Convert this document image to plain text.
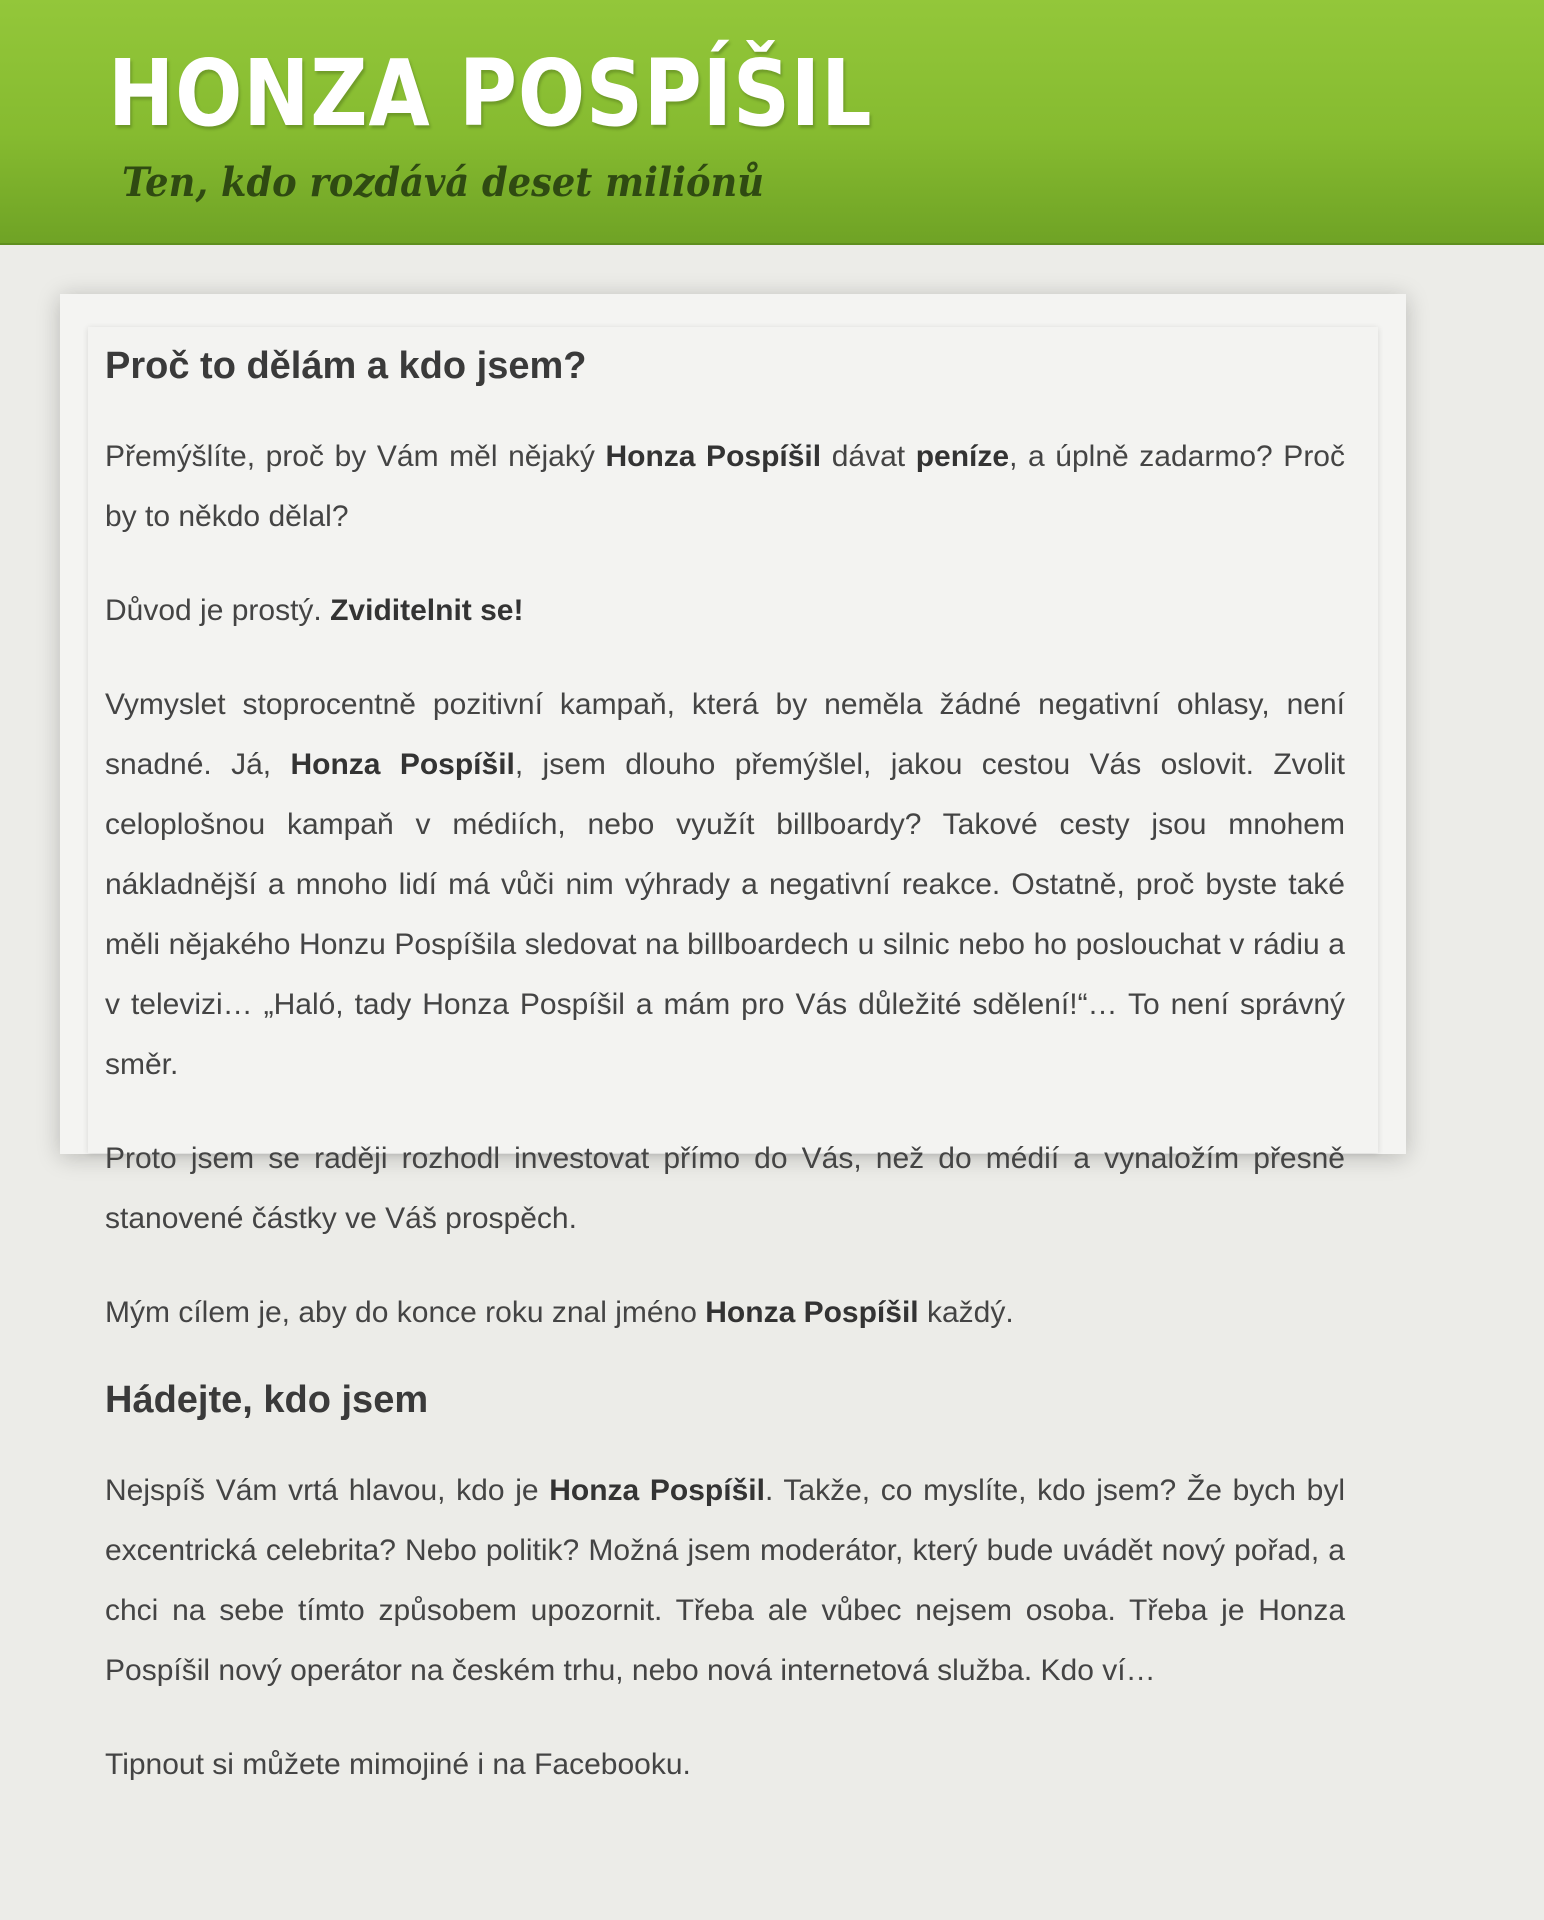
HONZA POSPÍŠIL
Ten, kdo rozdává deset miliónů
Proč to dělám a kdo jsem?

Přemýšlíte, proč by Vám měl nějaký Honza Pospíšil dávat peníze, a úplně zadarmo? Proč by to někdo dělal?

Důvod je prostý. Zviditelnit se!

Vymyslet stoprocentně pozitivní kampaň, která by neměla žádné negativní ohlasy, není snadné. Já, Honza Pospíšil, jsem dlouho přemýšlel, jakou cestou Vás oslovit. Zvolit celoplošnou kampaň v médiích, nebo využít billboardy? Takové cesty jsou mnohem nákladnější a mnoho lidí má vůči nim výhrady a negativní reakce. Ostatně, proč byste také měli nějakého Honzu Pospíšila sledovat na billboardech u silnic nebo ho poslouchat v rádiu a v televizi… „Haló, tady Honza Pospíšil a mám pro Vás důležité sdělení!“… To není správný směr.

Proto jsem se raději rozhodl investovat přímo do Vás, než do médií a vynaložím přesně stanovené částky ve Váš prospěch.

Mým cílem je, aby do konce roku znal jméno Honza Pospíšil každý.

Hádejte, kdo jsem

Nejspíš Vám vrtá hlavou, kdo je Honza Pospíšil. Takže, co myslíte, kdo jsem? Že bych byl excentrická celebrita? Nebo politik? Možná jsem moderátor, který bude uvádět nový pořad, a chci na sebe tímto způsobem upozornit. Třeba ale vůbec nejsem osoba. Třeba je Honza Pospíšil nový operátor na českém trhu, nebo nová internetová služba. Kdo ví…

Tipnout si můžete mimojiné i na Facebooku.
